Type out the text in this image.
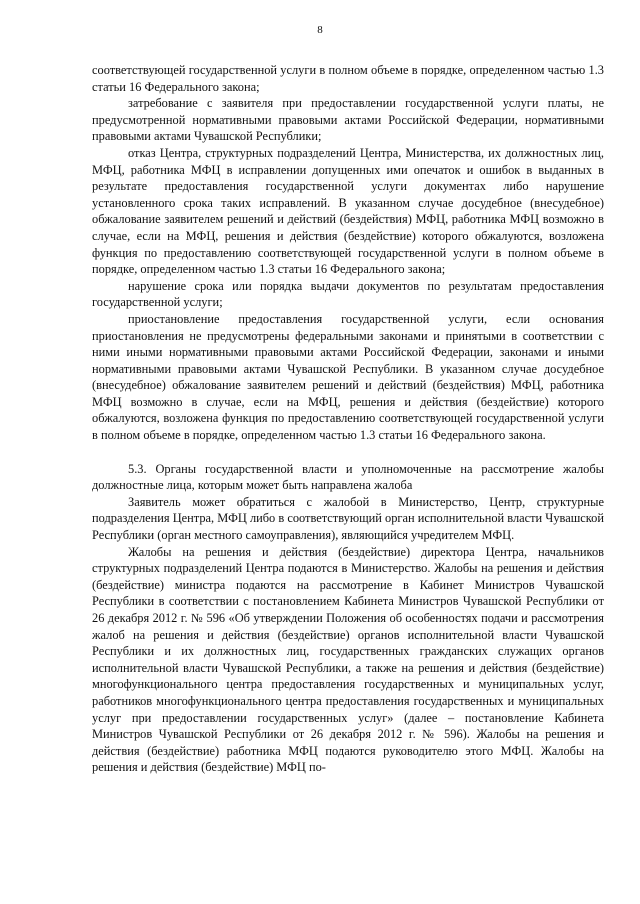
8

соответствующей государственной услуги в полном объеме в порядке, определенном частью 1.3 статьи 16 Федерального закона;

затребование с заявителя при предоставлении государственной услуги платы, не предусмотренной нормативными правовыми актами Российской Федерации, нормативными правовыми актами Чувашской Республики;

отказ Центра, структурных подразделений Центра, Министерства, их должностных лиц, МФЦ, работника МФЦ в исправлении допущенных ими опечаток и ошибок в выданных в результате предоставления государственной услуги документах либо нарушение установленного срока таких исправлений. В указанном случае досудебное (внесудебное) обжалование заявителем решений и действий (бездействия) МФЦ, работника МФЦ возможно в случае, если на МФЦ, решения и действия (бездействие) которого обжалуются, возложена функция по предоставлению соответствующей государственной услуги в полном объеме в порядке, определенном частью 1.3 статьи 16 Федерального закона;

нарушение срока или порядка выдачи документов по результатам предоставления государственной услуги;

приостановление предоставления государственной услуги, если основания приостановления не предусмотрены федеральными законами и принятыми в соответствии с ними иными нормативными правовыми актами Российской Федерации, законами и иными нормативными правовыми актами Чувашской Республики. В указанном случае досудебное (внесудебное) обжалование заявителем решений и действий (бездействия) МФЦ, работника МФЦ возможно в случае, если на МФЦ, решения и действия (бездействие) которого обжалуются, возложена функция по предоставлению соответствующей государственной услуги в полном объеме в порядке, определенном частью 1.3 статьи 16 Федерального закона.

5.3. Органы государственной власти и уполномоченные на рассмотрение жалобы должностные лица, которым может быть направлена жалоба

Заявитель может обратиться с жалобой в Министерство, Центр, структурные подразделения Центра, МФЦ либо в соответствующий орган исполнительной власти Чувашской Республики (орган местного самоуправления), являющийся учредителем МФЦ.

Жалобы на решения и действия (бездействие) директора Центра, начальников структурных подразделений Центра подаются в Министерство. Жалобы на решения и действия (бездействие) министра подаются на рассмотрение в Кабинет Министров Чувашской Республики в соответствии с постановлением Кабинета Министров Чувашской Республики от 26 декабря 2012 г. № 596 «Об утверждении Положения об особенностях подачи и рассмотрения жалоб на решения и действия (бездействие) органов исполнительной власти Чувашской Республики и их должностных лиц, государственных гражданских служащих органов исполнительной власти Чувашской Республики, а также на решения и действия (бездействие) многофункционального центра предоставления государственных и муниципальных услуг, работников многофункционального центра предоставления государственных и муниципальных услуг при предоставлении государственных услуг» (далее – постановление Кабинета Министров Чувашской Республики от 26 декабря 2012 г. № 596). Жалобы на решения и действия (бездействие) работника МФЦ подаются руководителю этого МФЦ. Жалобы на решения и действия (бездействие) МФЦ по-
